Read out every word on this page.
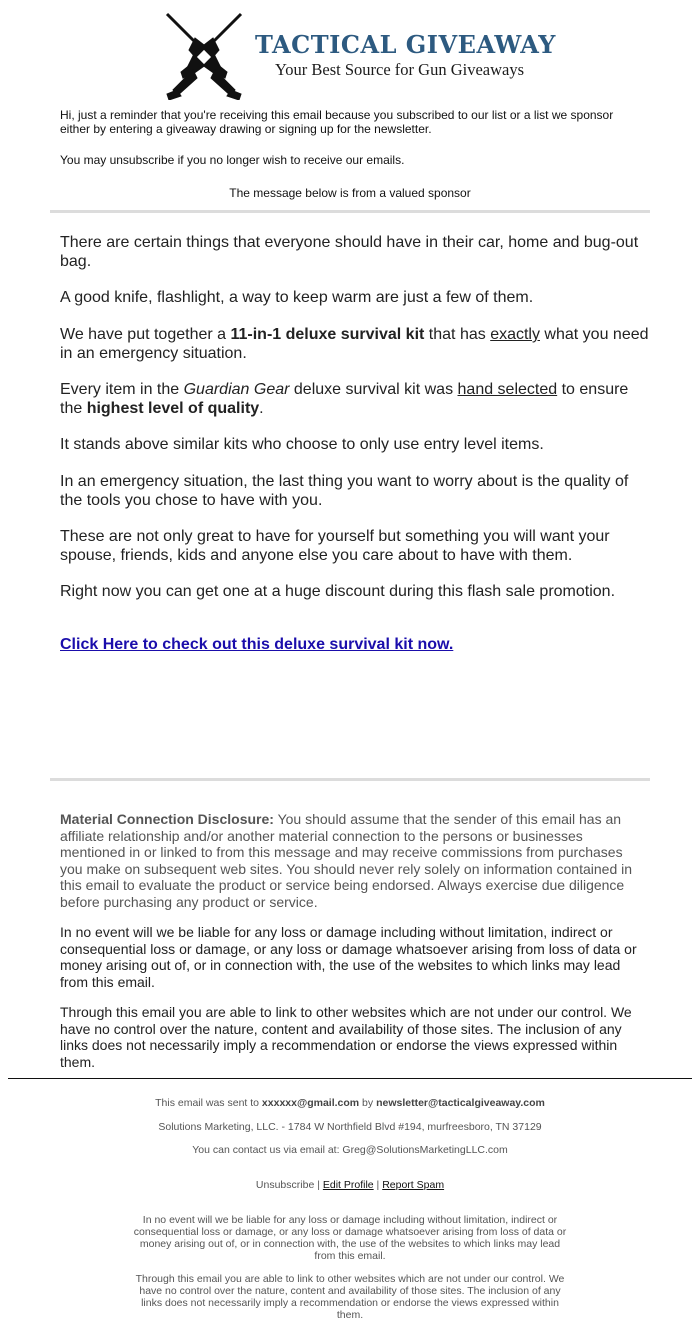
TACTICAL GIVEAWAY
Your Best Source for Gun Giveaways

Hi, just a reminder that you're receiving this email because you subscribed to our list or a list we sponsor either by entering a giveaway drawing or signing up for the newsletter.

You may unsubscribe if you no longer wish to receive our emails.

The message below is from a valued sponsor

There are certain things that everyone should have in their car, home and bug-out bag.

A good knife, flashlight, a way to keep warm are just a few of them.

We have put together a 11-in-1 deluxe survival kit that has exactly what you need in an emergency situation.

Every item in the Guardian Gear deluxe survival kit was hand selected to ensure the highest level of quality.

It stands above similar kits who choose to only use entry level items.

In an emergency situation, the last thing you want to worry about is the quality of the tools you chose to have with you.

These are not only great to have for yourself but something you will want your spouse, friends, kids and anyone else you care about to have with them.

Right now you can get one at a huge discount during this flash sale promotion.

Click Here to check out this deluxe survival kit now.

Material Connection Disclosure: You should assume that the sender of this email has an affiliate relationship and/or another material connection to the persons or businesses mentioned in or linked to from this message and may receive commissions from purchases you make on subsequent web sites. You should never rely solely on information contained in this email to evaluate the product or service being endorsed. Always exercise due diligence before purchasing any product or service.

In no event will we be liable for any loss or damage including without limitation, indirect or consequential loss or damage, or any loss or damage whatsoever arising from loss of data or money arising out of, or in connection with, the use of the websites to which links may lead from this email.

Through this email you are able to link to other websites which are not under our control. We have no control over the nature, content and availability of those sites. The inclusion of any links does not necessarily imply a recommendation or endorse the views expressed within them.

This email was sent to xxxxxx@gmail.com by newsletter@tacticalgiveaway.com

Solutions Marketing, LLC. - 1784 W Northfield Blvd #194, murfreesboro, TN 37129

You can contact us via email at: Greg@SolutionsMarketingLLC.com

Unsubscribe | Edit Profile | Report Spam

In no event will we be liable for any loss or damage including without limitation, indirect or consequential loss or damage, or any loss or damage whatsoever arising from loss of data or money arising out of, or in connection with, the use of the websites to which links may lead from this email.

Through this email you are able to link to other websites which are not under our control. We have no control over the nature, content and availability of those sites. The inclusion of any links does not necessarily imply a recommendation or endorse the views expressed within them.
